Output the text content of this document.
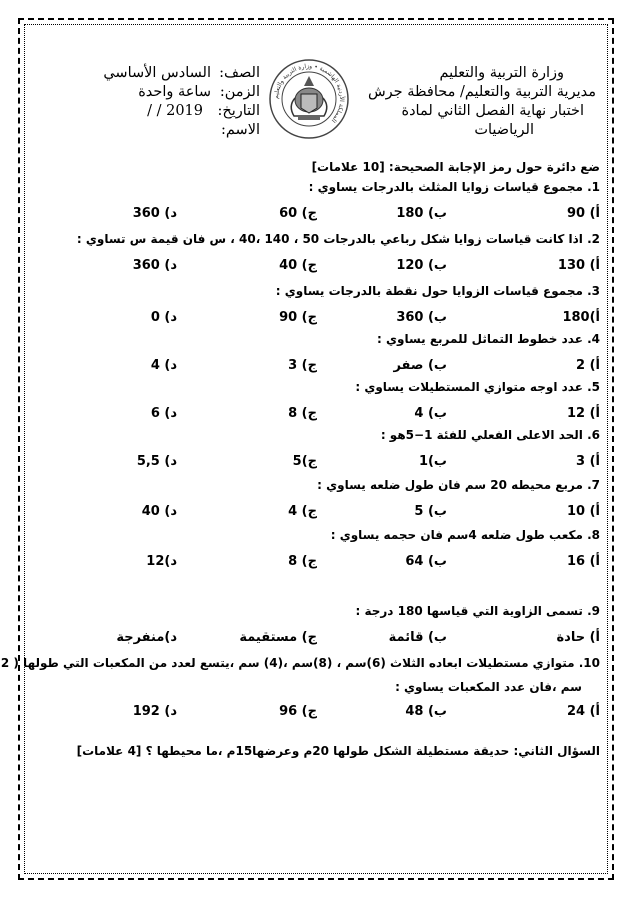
وزارة التربية والتعليم
مديرية التربية والتعليم/ محافظة جرش
اختبار نهاية الفصل الثاني لمادة
الرياضيات
الصف:
الزمن:
التاريخ:
الاسم:
السادس الأساسي
ساعة واحدة
2019 / /
المملكة الأردنية الهاشمية • وزارة التربية والتعليم
ضع دائرة حول رمز الإجابة الصحيحة: [10 علامات]
1. مجموع قياسات زوايا المثلث بالدرجات يساوي :
أ) 90
ب) 180
ج) 60
د) 360
2. اذا كانت قياسات زوايا شكل رباعي بالدرجات 50 ، 140 ،40 ، س فان قيمة س تساوي :
أ) 130
ب) 120
ج) 40
د) 360
3. مجموع قياسات الزوايا حول نقطة بالدرجات يساوي :
أ)180
ب) 360
ج) 90
د) 0
4. عدد خطوط التماثل للمربع يساوي :
أ) 2
ب) صفر
ج) 3
د) 4
5. عدد اوجه متوازي المستطيلات يساوي :
أ) 12
ب) 4
ج) 8
د) 6
6. الحد الاعلى الفعلي للفئة 1−5هو :
أ) 3
ب)1
ج)5
د) 5,5
7. مربع محيطه 20 سم فان طول ضلعه يساوي :
أ) 10
ب) 5
ج) 4
د) 40
8. مكعب طول ضلعه 4سم فان حجمه يساوي :
أ) 16
ب) 64
ج) 8
د)12
9. تسمى الزاوية التي قياسها 180 درجة :
أ) حادة
ب) قائمة
ج) مستقيمة
د)منفرجة
10. متوازي مستطيلات ابعاده الثلاث (6)سم ، (8)سم ،(4) سم ،يتسع لعدد من المكعبات التي طولها ( 2
سم ،فان عدد المكعبات يساوي :
أ) 24
ب) 48
ج) 96
د) 192
السؤال الثاني: حديقة مستطيلة الشكل طولها 20م وعرضها15م ،ما محيطها ؟ [4 علامات]
